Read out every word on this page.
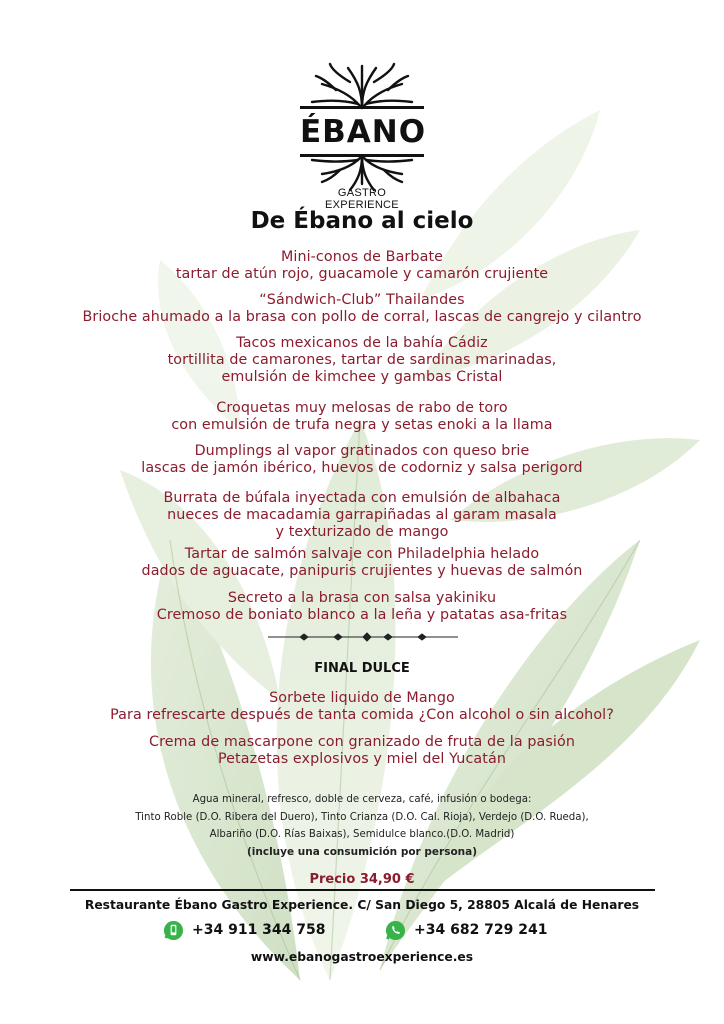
ÉBANO
GASTRO EXPERIENCE
De Ébano al cielo
Mini-conos de Barbate
tartar de atún rojo, guacamole y camarón crujiente
“Sándwich-Club” Thailandes
Brioche ahumado a la brasa con pollo de corral, lascas de cangrejo y cilantro
Tacos mexicanos de la bahía Cádiz
tortillita de camarones, tartar de sardinas marinadas,
emulsión de kimchee y gambas Cristal
Croquetas muy melosas de rabo de toro
con emulsión de trufa negra y setas enoki a la llama
Dumplings al vapor gratinados con queso brie
lascas de jamón ibérico, huevos de codorniz y salsa perigord
Burrata de búfala inyectada con emulsión de albahaca
nueces de macadamia garrapiñadas al garam masala
y texturizado de mango
Tartar de salmón salvaje con Philadelphia helado
dados de aguacate, panipuris crujientes y huevas de salmón
Secreto a la brasa con salsa yakiniku
Cremoso de boniato blanco a la leña y patatas asa-fritas
FINAL DULCE
Sorbete liquido de Mango
Para refrescarte después de tanta comida ¿Con alcohol o sin alcohol?
Crema de mascarpone con granizado de fruta de la pasión
Petazetas explosivos y miel del Yucatán
Agua mineral, refresco, doble de cerveza, café, infusión o bodega:
Tinto Roble (D.O. Ribera del Duero), Tinto Crianza (D.O. Cal. Rioja), Verdejo (D.O. Rueda),
Albariño (D.O. Rías Baixas), Semidulce blanco.(D.O. Madrid)
(incluye una consumición por persona)
Precio 34,90 €
Restaurante Ébano Gastro Experience. C/ San Diego 5, 28805 Alcalá de Henares
+34 911 344 758	+34 682 729 241
www.ebanogastroexperience.es
